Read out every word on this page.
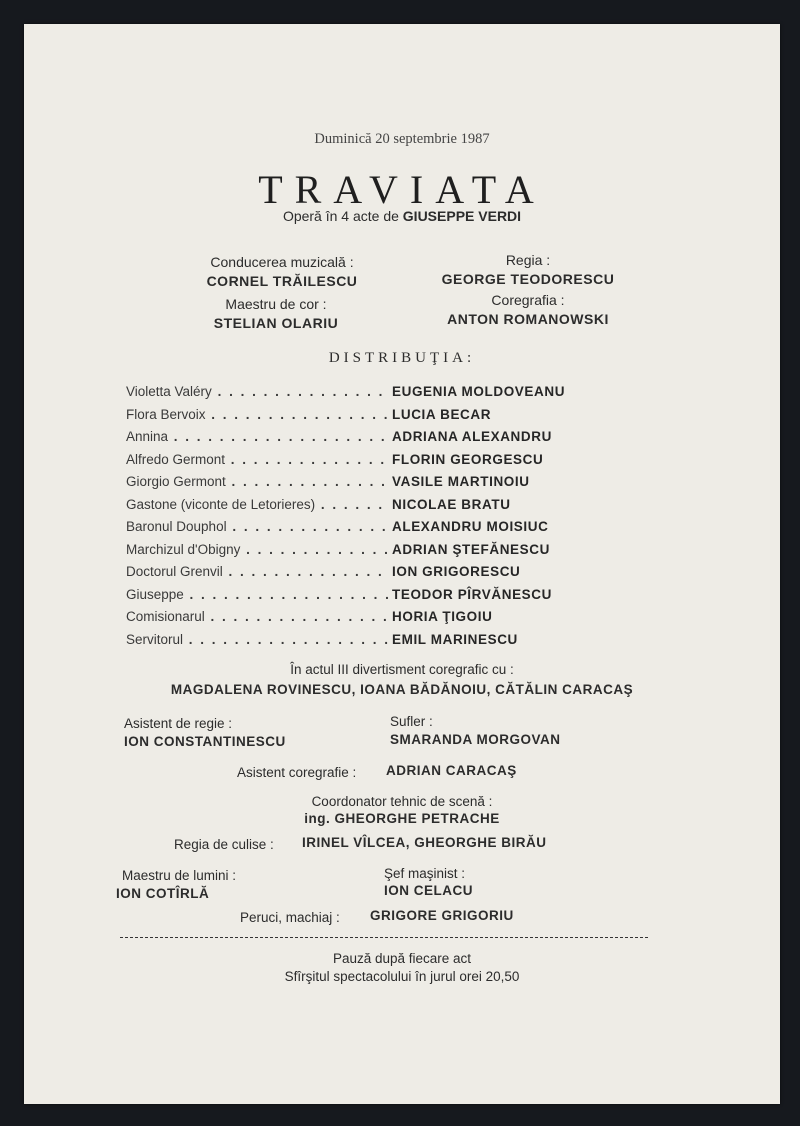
Duminică 20 septembrie 1987
TRAVIATA
Operă în 4 acte de GIUSEPPE VERDI
Conducerea muzicală :
CORNEL TRĂILESCU
Maestru de cor :
STELIAN OLARIU
Regia :
GEORGE TEODORESCU
Coregrafia :
ANTON ROMANOWSKI
DISTRIBUŢIA:
Violetta Valéry . . .	EUGENIA MOLDOVEANU
Flora Bervoix . . .	LUCIA BECAR
Annina . . .	ADRIANA ALEXANDRU
Alfredo Germont . . .	FLORIN GEORGESCU
Giorgio Germont . . .	VASILE MARTINOIU
Gastone (viconte de Letorieres) . . .	NICOLAE BRATU
Baronul Douphol . . .	ALEXANDRU MOISIUC
Marchizul d'Obigny . . .	ADRIAN ŞTEFĂNESCU
Doctorul Grenvil . . .	ION GRIGORESCU
Giuseppe . . .	TEODOR PÎRVĂNESCU
Comisionarul . . .	HORIA ŢIGOIU
Servitorul . . .	EMIL MARINESCU
În actul III divertisment coregrafic cu :
MAGDALENA ROVINESCU, IOANA BĂDĂNOIU, CĂTĂLIN CARACAŞ
Asistent de regie :
ION CONSTANTINESCU
Sufler :
SMARANDA MORGOVAN
Asistent coregrafie : ADRIAN CARACAŞ
Coordonator tehnic de scenă :
ing. GHEORGHE PETRACHE
Regia de culise : IRINEL VÎLCEA, GHEORGHE BIRĂU
Maestru de lumini :
ION COTÎRLĂ
Şef maşinist :
ION CELACU
Peruci, machiaj : GRIGORE GRIGORIU
Pauză după fiecare act
Sfîrşitul spectacolului în jurul orei 20,50
